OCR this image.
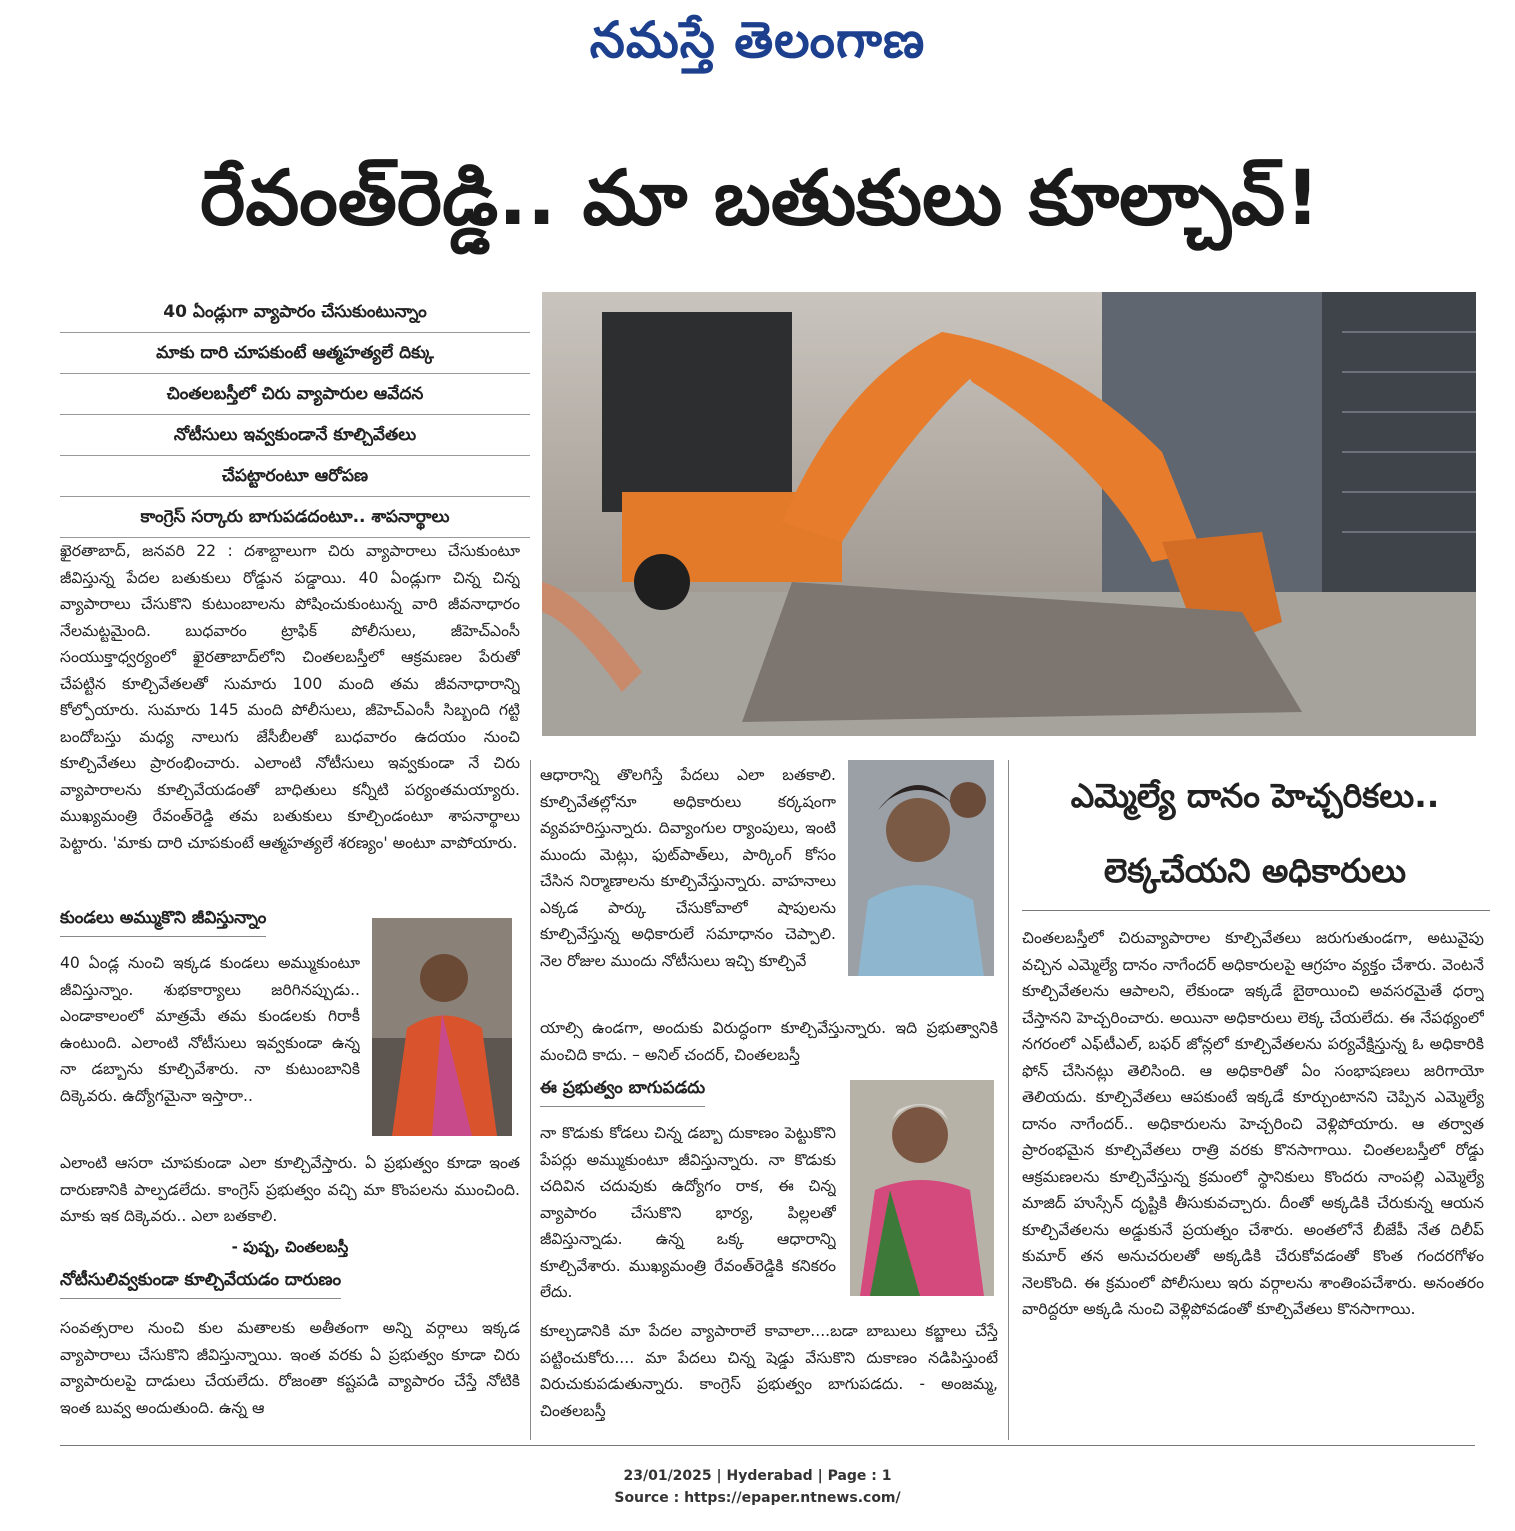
నమస్తే తెలంగాణ
రేవంత్‌రెడ్డి.. మా బతుకులు కూల్చావ్‌!
40 ఏండ్లుగా వ్యాపారం చేసుకుంటున్నాం
మాకు దారి చూపకుంటే ఆత్మహత్యలే దిక్కు
చింతలబస్తీలో చిరు వ్యాపారుల ఆవేదన
నోటీసులు ఇవ్వకుండానే కూల్చివేతలు
చేపట్టారంటూ ఆరోపణ
కాంగ్రెస్‌ సర్కారు బాగుపడదంటూ.. శాపనార్థాలు
ఖైరతాబాద్‌, జనవరి 22 : దశాబ్దాలుగా చిరు వ్యాపారాలు చేసుకుంటూ జీవిస్తున్న పేదల బతుకులు రోడ్డున పడ్డాయి. 40 ఏండ్లుగా చిన్న చిన్న వ్యాపారాలు చేసుకొని కుటుంబాలను పోషించుకుంటున్న వారి జీవనాధారం నేలమట్టమైంది. బుధవారం ట్రాఫిక్‌ పోలీసులు, జీహెచ్‌ఎంసీ సంయుక్తాధ్వర్యంలో ఖైరతాబాద్‌లోని చింతలబస్తీలో ఆక్రమణల పేరుతో చేపట్టిన కూల్చివేతలతో సుమారు 100 మంది తమ జీవనాధారాన్ని కోల్పోయారు. సుమారు 145 మంది పోలీసులు, జీహెచ్‌ఎంసీ సిబ్బంది గట్టి బందోబస్తు మధ్య నాలుగు జేసీబీలతో బుధవారం ఉదయం నుంచి కూల్చివేతలు ప్రారంభించారు. ఎలాంటి నోటీసులు ఇవ్వకుండా నే చిరు వ్యాపారాలను కూల్చివేయడంతో బాధితులు కన్నీటి పర్యంతమయ్యారు. ముఖ్యమంత్రి రేవంత్‌రెడ్డి తమ బతుకులు కూల్చిండంటూ శాపనార్థాలు పెట్టారు. 'మాకు దారి చూపకుంటే ఆత్మహత్యలే శరణ్యం' అంటూ వాపోయారు.
కుండలు అమ్ముకొని జీవిస్తున్నాం
40 ఏండ్ల నుంచి ఇక్కడ కుండలు అమ్ముకుంటూ జీవిస్తున్నాం. శుభకార్యాలు జరిగినప్పుడు.. ఎండాకాలంలో మాత్రమే తమ కుండలకు గిరాకీ ఉంటుంది. ఎలాంటి నోటీసులు ఇవ్వకుండా ఉన్న నా డబ్బాను కూల్చివేశారు. నా కుటుంబానికి దిక్కెవరు. ఉద్యోగమైనా ఇస్తారా..
ఎలాంటి ఆసరా చూపకుండా ఎలా కూల్చివేస్తారు. ఏ ప్రభుత్వం కూడా ఇంత దారుణానికి పాల్పడలేదు. కాంగ్రెస్‌ ప్రభుత్వం వచ్చి మా కొంపలను ముంచింది. మాకు ఇక దిక్కెవరు.. ఎలా బతకాలి.
- పుష్ప, చింతలబస్తీ
నోటీసులివ్వకుండా కూల్చివేయడం దారుణం
సంవత్సరాల నుంచి కుల మతాలకు అతీతంగా అన్ని వర్గాలు ఇక్కడ వ్యాపారాలు చేసుకొని జీవిస్తున్నాయి. ఇంత వరకు ఏ ప్రభుత్వం కూడా చిరు వ్యాపారులపై దాడులు చేయలేదు. రోజంతా కష్టపడి వ్యాపారం చేస్తే నోటికి ఇంత బువ్వ అందుతుంది. ఉన్న ఆ
ఆధారాన్ని తొలగిస్తే పేదలు ఎలా బతకాలి. కూల్చివేతల్లోనూ అధికారులు కర్కషంగా వ్యవహరిస్తున్నారు. దివ్యాంగుల ర్యాంపులు, ఇంటి ముందు మెట్లు, ఫుట్‌పాత్‌లు, పార్కింగ్‌ కోసం చేసిన నిర్మాణాలను కూల్చివేస్తున్నారు. వాహనాలు ఎక్కడ పార్కు చేసుకోవాలో షాపులను కూల్చివేస్తున్న అధికారులే సమాధానం చెప్పాలి. నెల రోజుల ముందు నోటీసులు ఇచ్చి కూల్చివే
యాల్సి ఉండగా, అందుకు విరుద్ధంగా కూల్చివేస్తున్నారు. ఇది ప్రభుత్వానికి మంచిది కాదు. – అనిల్‌ చందర్‌, చింతలబస్తీ
ఈ ప్రభుత్వం బాగుపడదు
నా కొడుకు కోడలు చిన్న డబ్బా దుకాణం పెట్టుకొని పేపర్లు అమ్ముకుంటూ జీవిస్తున్నారు. నా కొడుకు చదివిన చదువుకు ఉద్యోగం రాక, ఈ చిన్న వ్యాపారం చేసుకొని భార్య, పిల్లలతో జీవిస్తున్నాడు. ఉన్న ఒక్క ఆధారాన్ని కూల్చివేశారు. ముఖ్యమంత్రి రేవంత్‌రెడ్డికి కనికరం లేదు.
కూల్చడానికి మా పేదల వ్యాపారాలే కావాలా....బడా బాబులు కబ్జాలు చేస్తే పట్టించుకోరు.... మా పేదలు చిన్న షెడ్డు వేసుకొని దుకాణం నడిపిస్తుంటే విరుచుకుపడుతున్నారు. కాంగ్రెస్‌ ప్రభుత్వం బాగుపడదు. - అంజమ్మ, చింతలబస్తీ
ఎమ్మెల్యే దానం హెచ్చరికలు..
లెక్కచేయని అధికారులు
చింతలబస్తీలో చిరువ్యాపారాల కూల్చివేతలు జరుగుతుండగా, అటువైపు వచ్చిన ఎమ్మెల్యే దానం నాగేందర్‌ అధికారులపై ఆగ్రహం వ్యక్తం చేశారు. వెంటనే కూల్చివేతలను ఆపాలని, లేకుండా ఇక్కడే బైఠాయించి అవసరమైతే ధర్నా చేస్తానని హెచ్చరించారు. అయినా అధికారులు లెక్క చేయలేదు. ఈ నేపథ్యంలో నగరంలో ఎఫ్‌టీఎల్‌, బఫర్‌ జోన్లలో కూల్చివేతలను పర్యవేక్షిస్తున్న ఓ అధికారికి ఫోన్‌ చేసినట్లు తెలిసింది. ఆ అధికారితో ఏం సంభాషణలు జరిగాయో తెలియదు. కూల్చివేతలు ఆపకుంటే ఇక్కడే కూర్చుంటానని చెప్పిన ఎమ్మెల్యే దానం నాగేందర్‌.. అధికారులను హెచ్చరించి వెళ్లిపోయారు. ఆ తర్వాత ప్రారంభమైన కూల్చివేతలు రాత్రి వరకు కొనసాగాయి. చింతలబస్తీలో రోడ్డు ఆక్రమణలను కూల్చివేస్తున్న క్రమంలో స్థానికులు కొందరు నాంపల్లి ఎమ్మెల్యే మాజిద్‌ హుస్సేన్‌ దృష్టికి తీసుకువచ్చారు. దీంతో అక్కడికి చేరుకున్న ఆయన కూల్చివేతలను అడ్డుకునే ప్రయత్నం చేశారు. అంతలోనే బీజేపీ నేత దిలీప్‌ కుమార్‌ తన అనుచరులతో అక్కడికి చేరుకోవడంతో కొంత గందరగోళం నెలకొంది. ఈ క్రమంలో పోలీసులు ఇరు వర్గాలను శాంతింపచేశారు. అనంతరం వారిద్దరూ అక్కడి నుంచి వెళ్లిపోవడంతో కూల్చివేతలు కొనసాగాయి.
23/01/2025 | Hyderabad | Page : 1
Source : https://epaper.ntnews.com/
